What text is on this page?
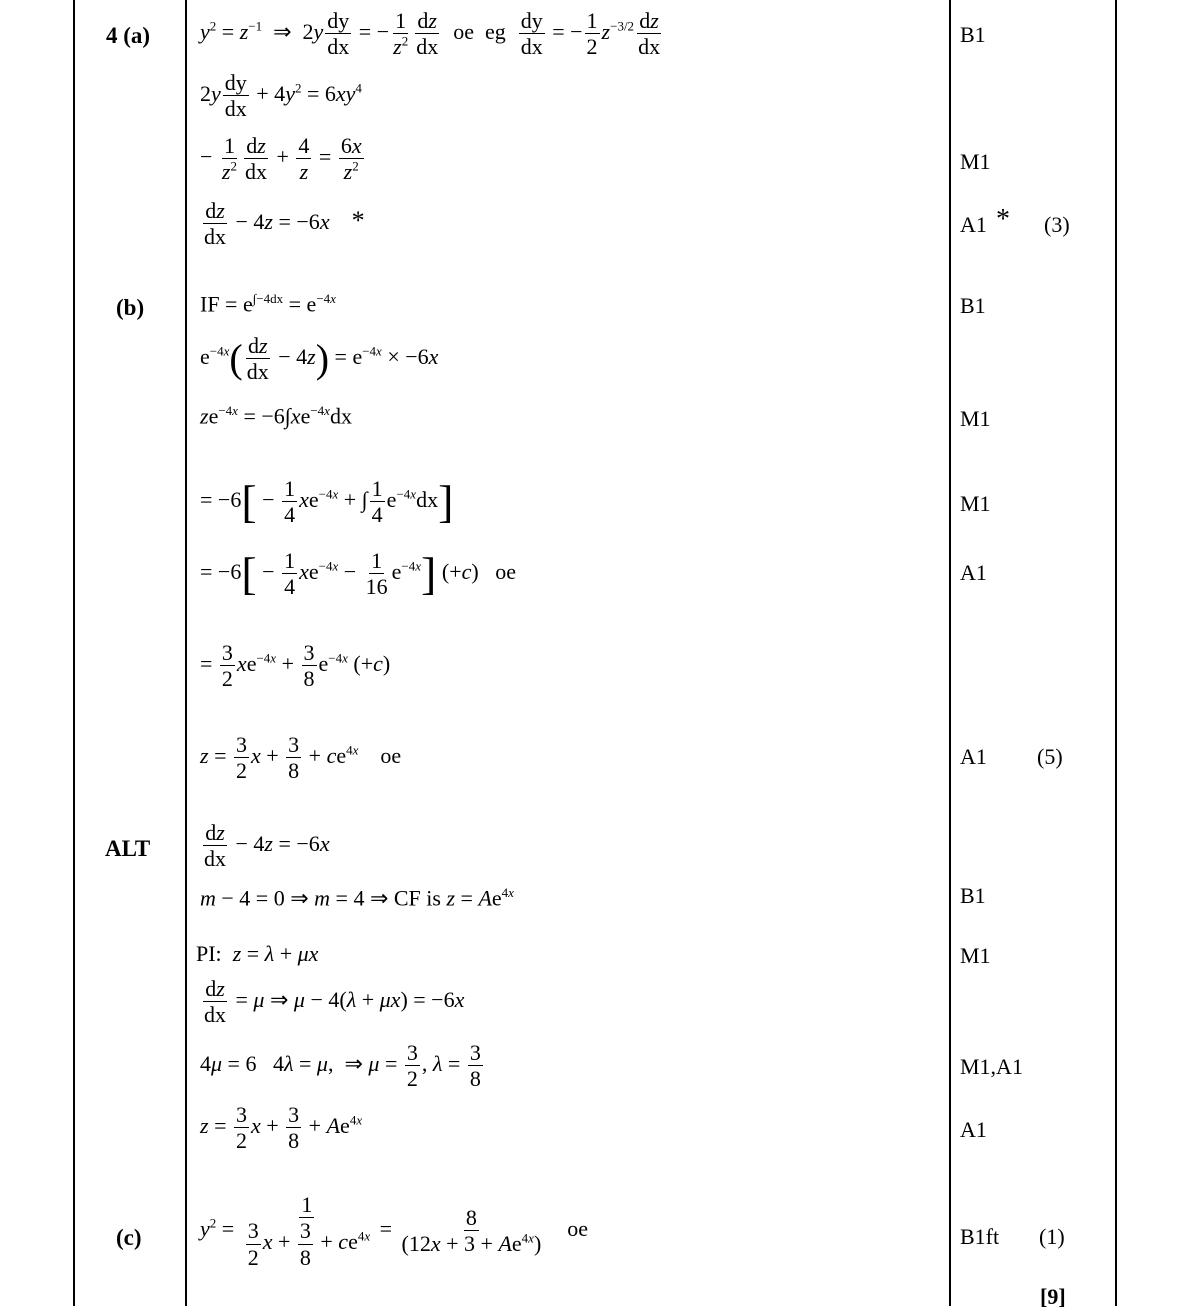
4 (a)
(b)
ALT
(c)
$y^2 = z^{-1}$  ⇒  $2y \frac{dy}{dx}$ = − $\frac{1}{z^2} \frac{dz}{dx}$ oe eg $\frac{dy}{dx}$ = − $\frac{1}{2} z^{-3/2} \frac{dz}{dx}$
$2y \frac{dy}{dx} + 4y^2 = 6xy^4$
− $\frac{1}{z^2} \frac{dz}{dx} + \frac{4}{z} = \frac{6x}{z^2}$
$\frac{dz}{dx} - 4z = -6x$ *
IF = $e^{\int-4dx} = e^{-4x}$
$e^{-4x}( \frac{dz}{dx} - 4z) = e^{-4x} \times -6x$
$ze^{-4x} = -6\int xe^{-4x}dx$
= $-6[ - \frac{1}{4} xe^{-4x}$ + ∫ $\frac{1}{4} e^{-4x}dx$]
= $-6[ - \frac{1}{4} xe^{-4x} - \frac{1}{16} e^{-4x}]$ (+c)   oe
= $\frac{3}{2} xe^{-4x} + \frac{3}{8} e^{-4x}$ (+c)
$z = \frac{3}{2}$ $x + \frac{3}{8} + ce^{4x}$ oe
$\frac{dz}{dx} - 4z = -6x$
m − 4 = 0 ⇒ m = 4 ⇒ CF is $z = Ae^{4x}$
PI: z = λ + μx
$\frac{dz}{dx} = \mu$ ⇒ μ − 4(λ + μx) = −6x
4μ = 6   4λ = μ,  ⇒ $\mu = \frac{3}{2}$ , $\lambda = \frac{3}{8}$
$z = \frac{3}{2}$ $x + \frac{3}{8} + Ae^{4x}$
$y^2 = \frac{1}{\frac{3}{2} x + \frac{3}{8} + ce^{4x}} = \frac{8}{(12x + 3 + Ae^{4x})}$ oe
B1
M1
A1 * (3)
B1
M1
M1
A1
A1 (5)
B1
M1
M1,A1
A1
B1ft (1)
[9]
